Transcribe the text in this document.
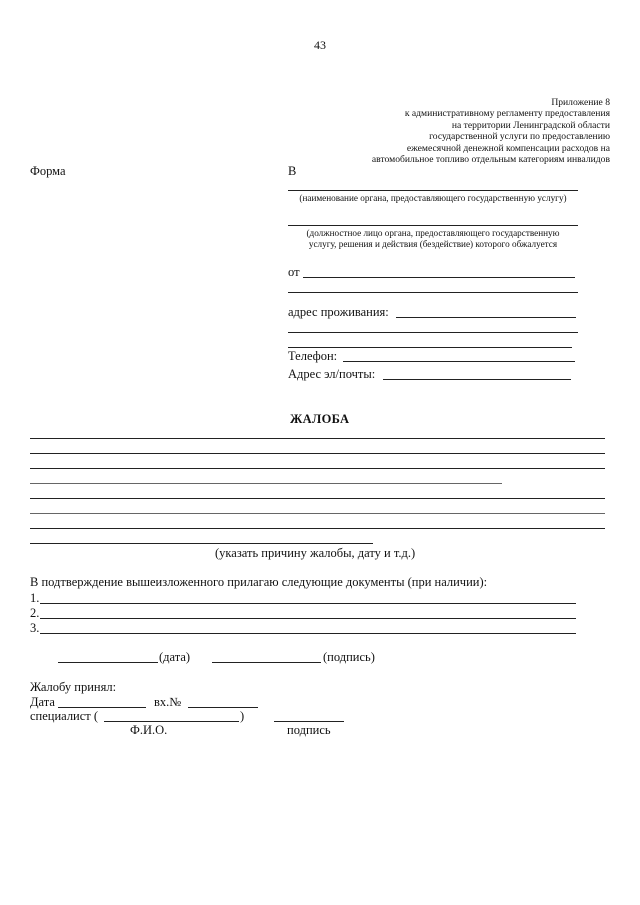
43
Приложение 8
к административному регламенту предоставления
на территории Ленинградской области
государственной услуги по предоставлению
ежемесячной денежной компенсации расходов на
автомобильное топливо отдельным категориям инвалидов
Форма	В
(наименование органа, предоставляющего государственную услугу)
(должностное лицо органа, предоставляющего государственную
услугу, решения и действия (бездействие) которого обжалуется
от
адрес проживания:
Телефон:
Адрес эл/почты:
ЖАЛОБА
(указать причину жалобы, дату и т.д.)
В подтверждение вышеизложенного прилагаю следующие документы (при наличии):
1.
2.
3.
(дата)	(подпись)
Жалобу принял:
Дата	вх.№
специалист (	)
Ф.И.О.	подпись
